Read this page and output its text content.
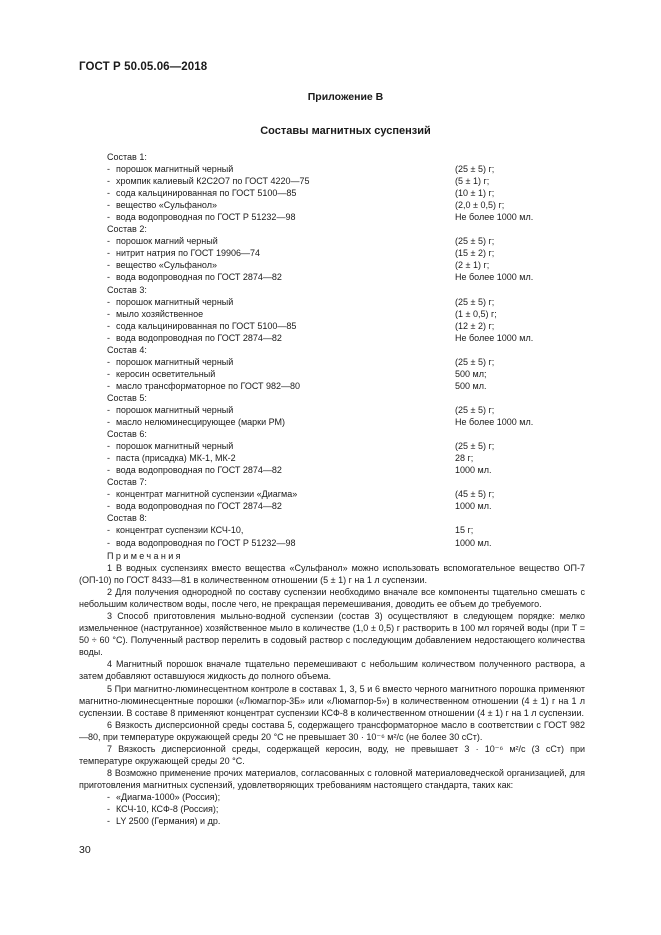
ГОСТ Р 50.05.06—2018
Приложение В
Составы магнитных суспензий
Состав 1:
- порошок магнитный черный	(25 ± 5) г;
- хромпик калиевый К2С2О7 по ГОСТ 4220—75	(5 ± 1) г;
- сода кальцинированная по ГОСТ 5100—85	(10 ± 1) г;
- вещество «Сульфанол»	(2,0 ± 0,5) г;
- вода водопроводная по ГОСТ Р 51232—98	Не более 1000 мл.
Состав 2:
- порошок магний черный	(25 ± 5) г;
- нитрит натрия по ГОСТ 19906—74	(15 ± 2) г;
- вещество «Сульфанол»	(2 ± 1) г;
- вода водопроводная по ГОСТ 2874—82	Не более 1000 мл.
Состав 3:
- порошок магнитный черный	(25 ± 5) г;
- мыло хозяйственное	(1 ± 0,5) г;
- сода кальцинированная по ГОСТ 5100—85	(12 ± 2) г;
- вода водопроводная по ГОСТ 2874—82	Не более 1000 мл.
Состав 4:
- порошок магнитный черный	(25 ± 5) г;
- керосин осветительный	500 мл;
- масло трансформаторное по ГОСТ 982—80	500 мл.
Состав 5:
- порошок магнитный черный	(25 ± 5) г;
- масло нелюминесцирующее (марки РМ)	Не более 1000 мл.
Состав 6:
- порошок магнитный черный	(25 ± 5) г;
- паста (присадка) МК-1, МК-2	28 г;
- вода водопроводная по ГОСТ 2874—82	1000 мл.
Состав 7:
- концентрат магнитной суспензии «Диагма»	(45 ± 5) г;
- вода водопроводная по ГОСТ 2874—82	1000 мл.
Состав 8:
- концентрат суспензии КСЧ-10,	15 г;
- вода водопроводная по ГОСТ Р 51232—98	1000 мл.
Примечания

1 В водных суспензиях вместо вещества «Сульфанол» можно использовать вспомогательное вещество ОП-7 (ОП-10) по ГОСТ 8433—81 в количественном отношении (5 ± 1) г на 1 л суспензии.

2 Для получения однородной по составу суспензии необходимо вначале все компоненты тщательно смешать с небольшим количеством воды, после чего, не прекращая перемешивания, доводить ее объем до требуемого.

3 Способ приготовления мыльно-водной суспензии (состав 3) осуществляют в следующем порядке: мелко измельченное (наструганное) хозяйственное мыло в количестве (1,0 ± 0,5) г растворить в 100 мл горячей воды (при T = 50 ÷ 60 °С). Полученный раствор перелить в содовый раствор с последующим добавлением недостающего количества воды.

4 Магнитный порошок вначале тщательно перемешивают с небольшим количеством полученного раствора, а затем добавляют оставшуюся жидкость до полного объема.

5 При магнитно-люминесцентном контроле в составах 1, 3, 5 и 6 вместо черного магнитного порошка применяют магнитно-люминесцентные порошки («Люмагпор-3Б» или «Люмагпор-5») в количественном отношении (4 ± 1) г на 1 л суспензии. В составе 8 применяют концентрат суспензии КСФ-8 в количественном отношении (4 ± 1) г на 1 л суспензии.

6 Вязкость дисперсионной среды состава 5, содержащего трансформаторное масло в соответствии с ГОСТ 982—80, при температуре окружающей среды 20 °С не превышает 30 · 10⁻⁶ м²/с (не более 30 сСт).

7 Вязкость дисперсионной среды, содержащей керосин, воду, не превышает 3 · 10⁻⁶ м²/с (3 сСт) при температуре окружающей среды 20 °С.

8 Возможно применение прочих материалов, согласованных с головной материаловедческой организацией, для приготовления магнитных суспензий, удовлетворяющих требованиям настоящего стандарта, таких как:

- «Диагма-1000» (Россия);

- КСЧ-10, КСФ-8 (Россия);

- LY 2500 (Германия) и др.

30
